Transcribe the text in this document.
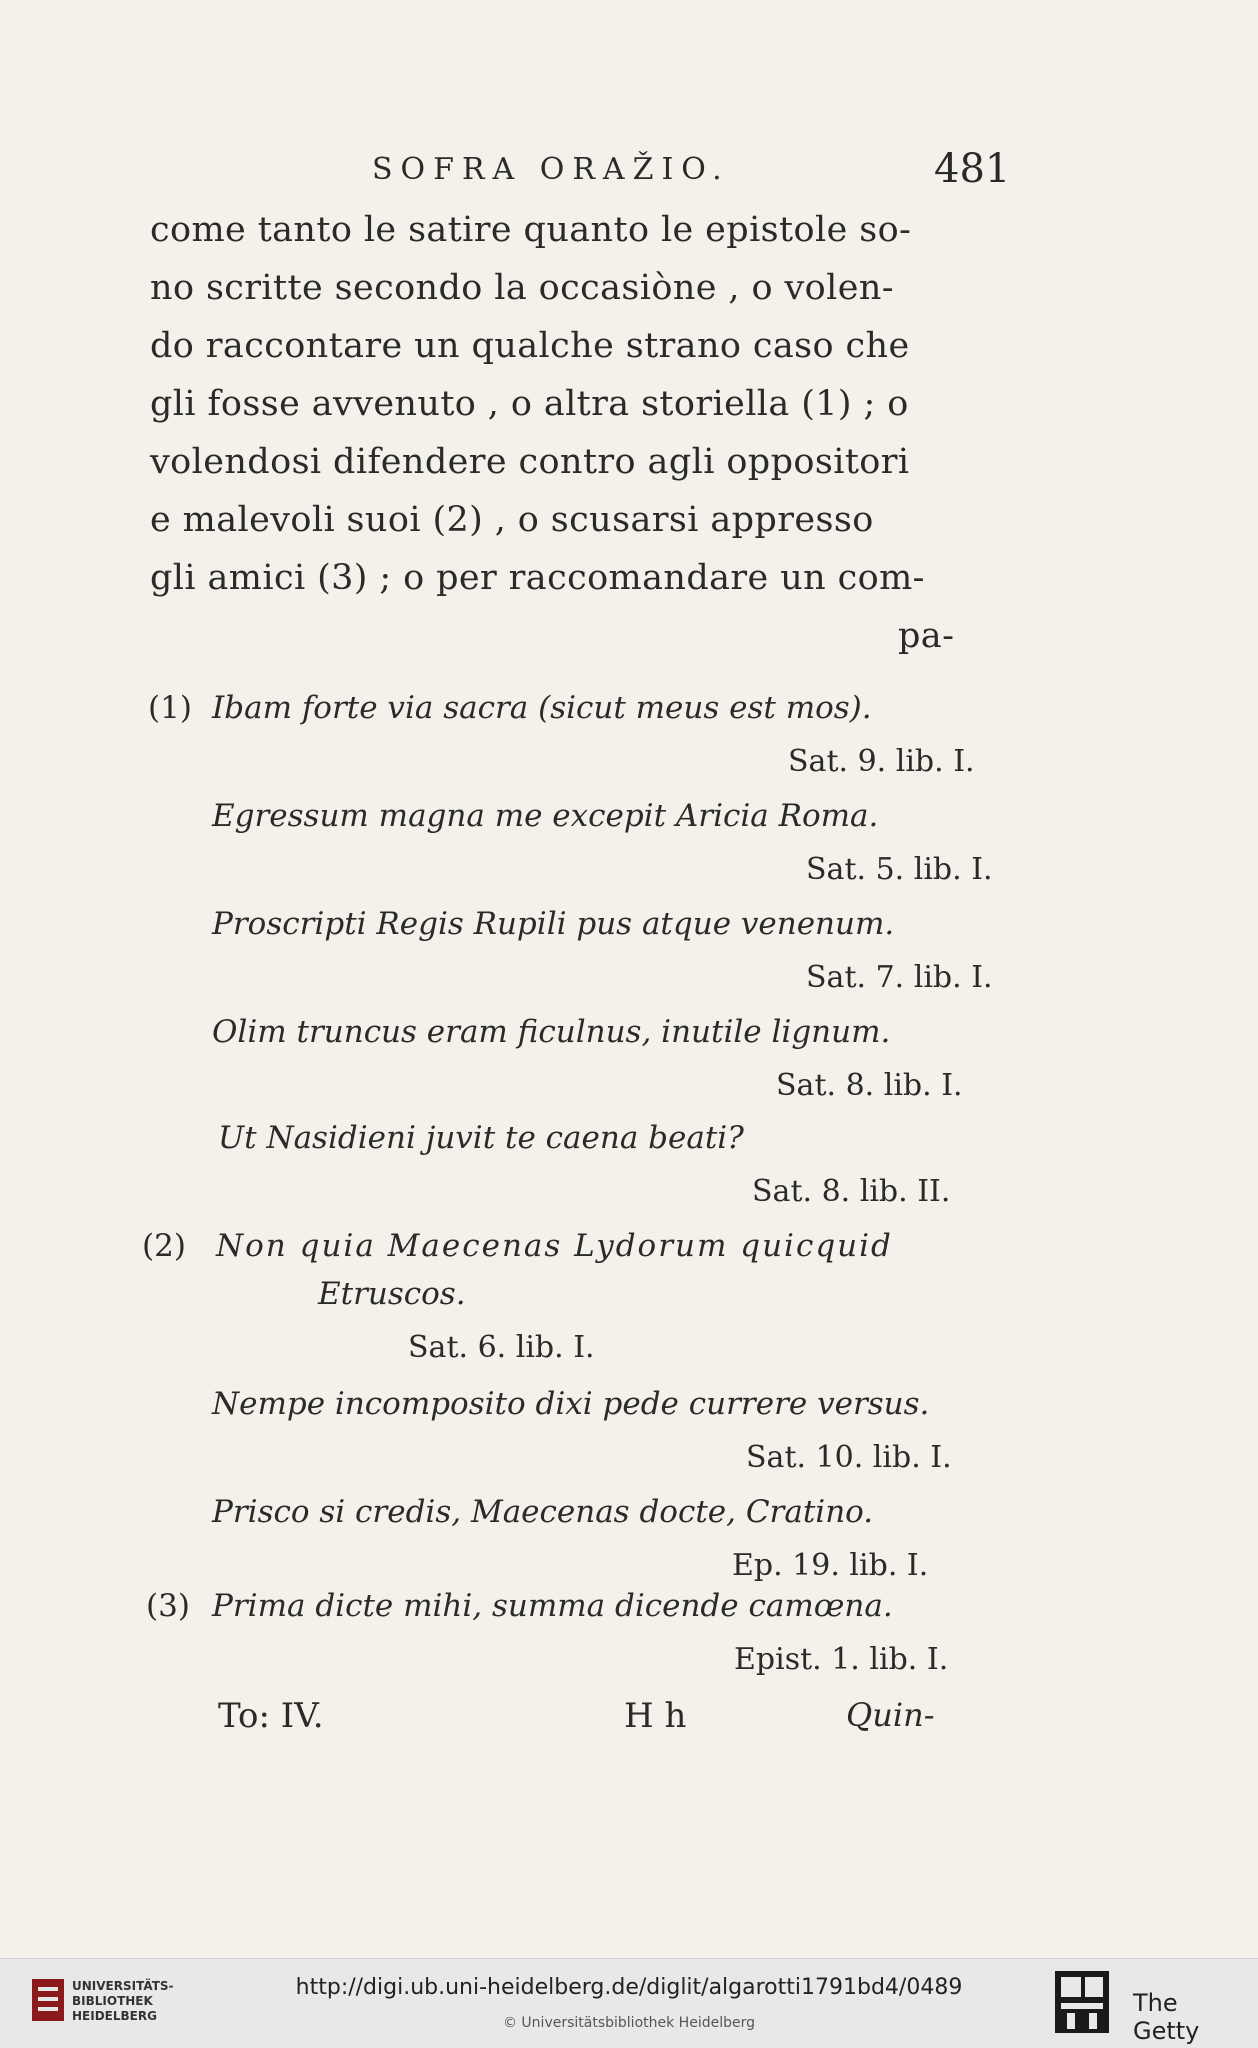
SOFRA ORAŽIO.	481
come tanto le satire quanto le epistole so-
no scritte secondo la occasiòne , o volen-
do raccontare un qualche strano caso che
gli fosse avvenuto , o altra storiella (1) ; o
volendosi difendere contro agli oppositori
e malevoli suoi (2) , o scusarsi appresso
gli amici (3) ; o per raccomandare un com-
pa-
(1) Ibam forte via sacra (sicut meus est mos).
Sat. 9. lib. I.
Egressum magna me excepit Aricia Roma.
Sat. 5. lib. I.
Proscripti Regis Rupili pus atque venenum.
Sat. 7. lib. I.
Olim truncus eram ficulnus, inutile lignum.
Sat. 8. lib. I.
Ut Nasidieni juvit te caena beati?
Sat. 8. lib. II.
(2) Non quia Maecenas Lydorum quicquid
Etruscos.
Sat. 6. lib. I.
Nempe incomposito dixi pede currere versus.
Sat. 10. lib. I.
Prisco si credis, Maecenas docte, Cratino.
Ep. 19. lib. I.
(3) Prima dicte mihi, summa dicende camœna.
Epist. 1. lib. I.
To: IV.	H h	Quin-
UNIVERSITÄTS-
BIBLIOTHEK
HEIDELBERG
http://digi.ub.uni-heidelberg.de/diglit/algarotti1791bd4/0489
© Universitätsbibliothek Heidelberg
The Getty
